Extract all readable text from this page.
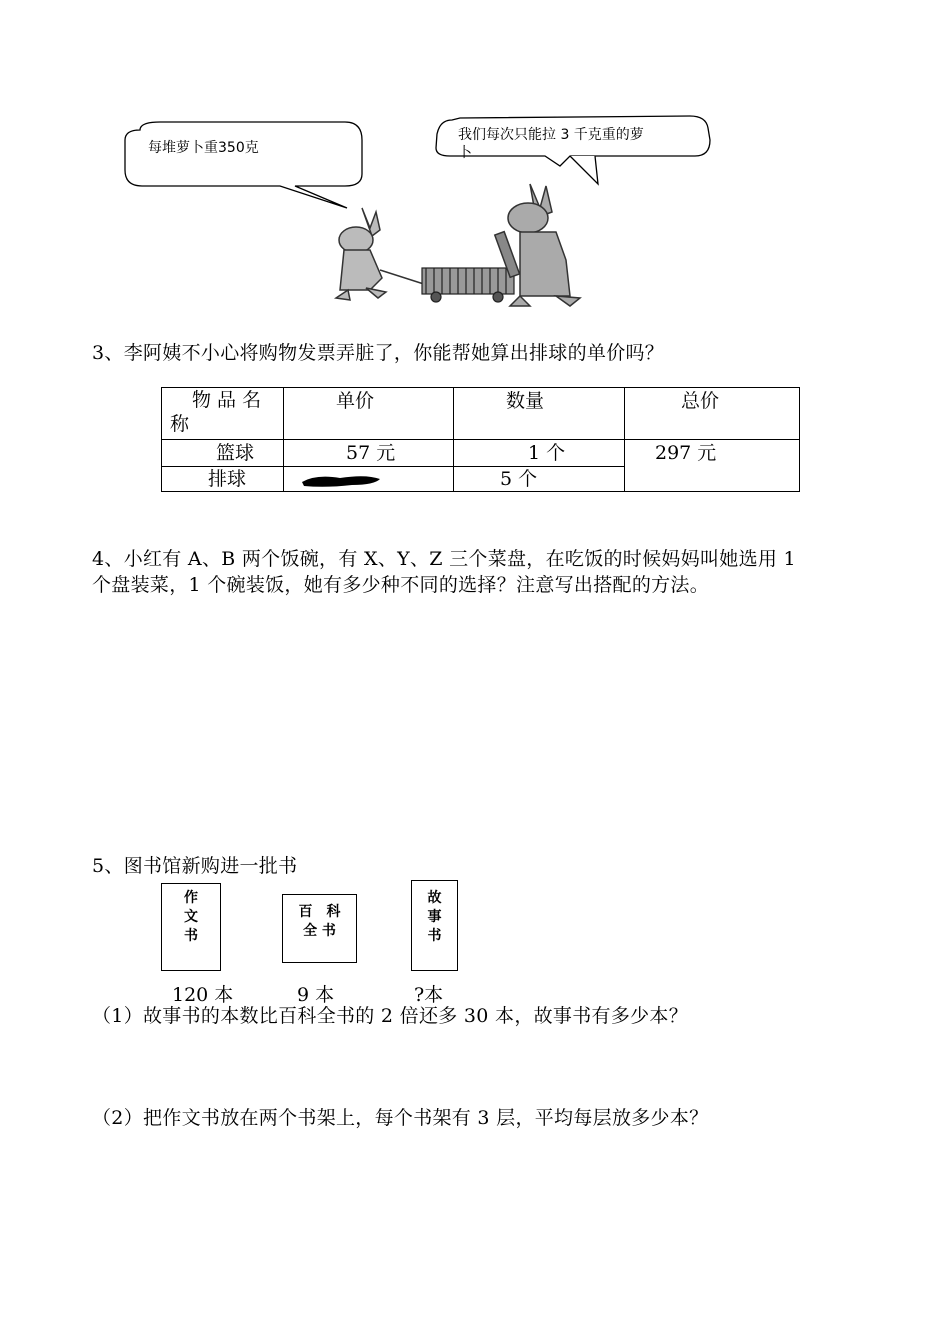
每堆萝卜重350克
我们每次只能拉 3 千克重的萝
卜
3、李阿姨不小心将购物发票弄脏了，你能帮她算出排球的单价吗？
物 品 名
称	单价	数量	总价
篮球	57 元	1 个	297 元
排球		5 个	
4、小红有 A、B 两个饭碗，有 X、Y、Z 三个菜盘，在吃饭的时候妈妈叫她选用 1
个盘装菜，1 个碗装饭，她有多少种不同的选择？注意写出搭配的方法。
5、图书馆新购进一批书
作
文
书
百　科
全 书
故
事
书
120 本	9 本	?本
（1）故事书的本数比百科全书的 2 倍还多 30 本，故事书有多少本？
（2）把作文书放在两个书架上，每个书架有 3 层，平均每层放多少本？
